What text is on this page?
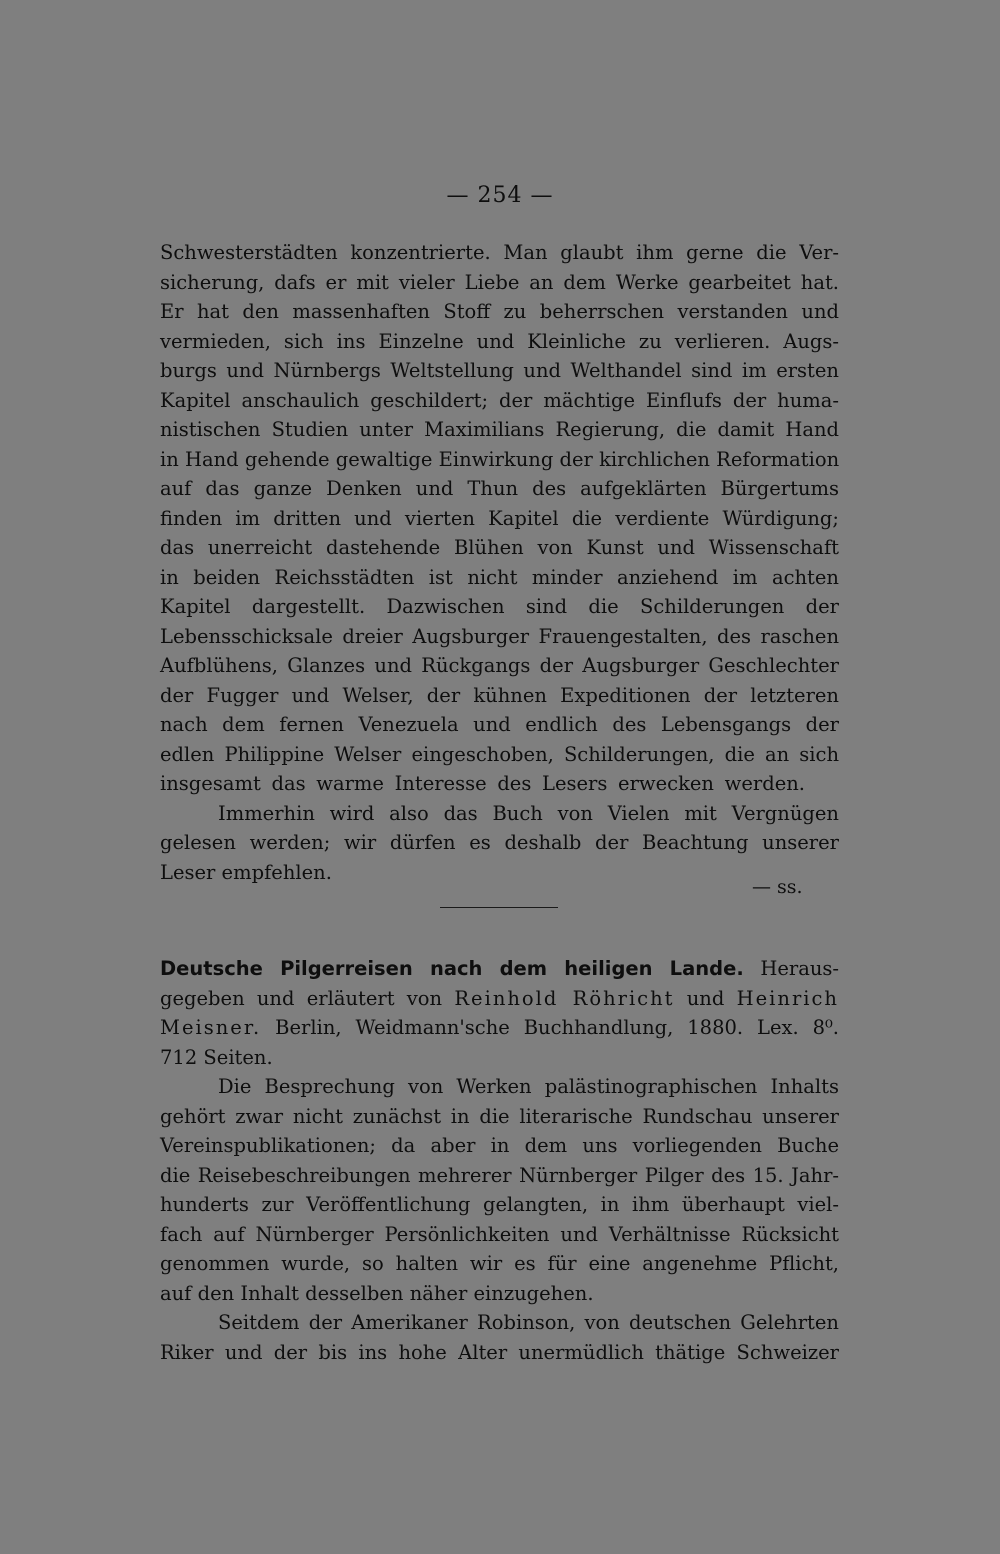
— 254 —
Schwesterstädten konzentrierte. Man glaubt ihm gerne die Ver-
sicherung, dafs er mit vieler Liebe an dem Werke gearbeitet hat.
Er hat den massenhaften Stoff zu beherrschen verstanden und
vermieden, sich ins Einzelne und Kleinliche zu verlieren. Augs-
burgs und Nürnbergs Weltstellung und Welthandel sind im ersten
Kapitel anschaulich geschildert; der mächtige Einflufs der huma-
nistischen Studien unter Maximilians Regierung, die damit Hand
in Hand gehende gewaltige Einwirkung der kirchlichen Reformation
auf das ganze Denken und Thun des aufgeklärten Bürgertums
finden im dritten und vierten Kapitel die verdiente Würdigung;
das unerreicht dastehende Blühen von Kunst und Wissenschaft
in beiden Reichsstädten ist nicht minder anziehend im achten
Kapitel dargestellt. Dazwischen sind die Schilderungen der
Lebensschicksale dreier Augsburger Frauengestalten, des raschen
Aufblühens, Glanzes und Rückgangs der Augsburger Geschlechter
der Fugger und Welser, der kühnen Expeditionen der letzteren
nach dem fernen Venezuela und endlich des Lebensgangs der
edlen Philippine Welser eingeschoben, Schilderungen, die an sich
insgesamt das warme Interesse des Lesers erwecken werden.
Immerhin wird also das Buch von Vielen mit Vergnügen
gelesen werden; wir dürfen es deshalb der Beachtung unserer
Leser empfehlen.
— ss.
Deutsche Pilgerreisen nach dem heiligen Lande. Heraus-
gegeben und erläutert von Reinhold Röhricht und Heinrich
Meisner. Berlin, Weidmann'sche Buchhandlung, 1880. Lex. 8⁰.
712 Seiten.
Die Besprechung von Werken palästinographischen Inhalts
gehört zwar nicht zunächst in die literarische Rundschau unserer
Vereinspublikationen; da aber in dem uns vorliegenden Buche
die Reisebeschreibungen mehrerer Nürnberger Pilger des 15. Jahr-
hunderts zur Veröffentlichung gelangten, in ihm überhaupt viel-
fach auf Nürnberger Persönlichkeiten und Verhältnisse Rücksicht
genommen wurde, so halten wir es für eine angenehme Pflicht,
auf den Inhalt desselben näher einzugehen.
Seitdem der Amerikaner Robinson, von deutschen Gelehrten
Riker und der bis ins hohe Alter unermüdlich thätige Schweizer
